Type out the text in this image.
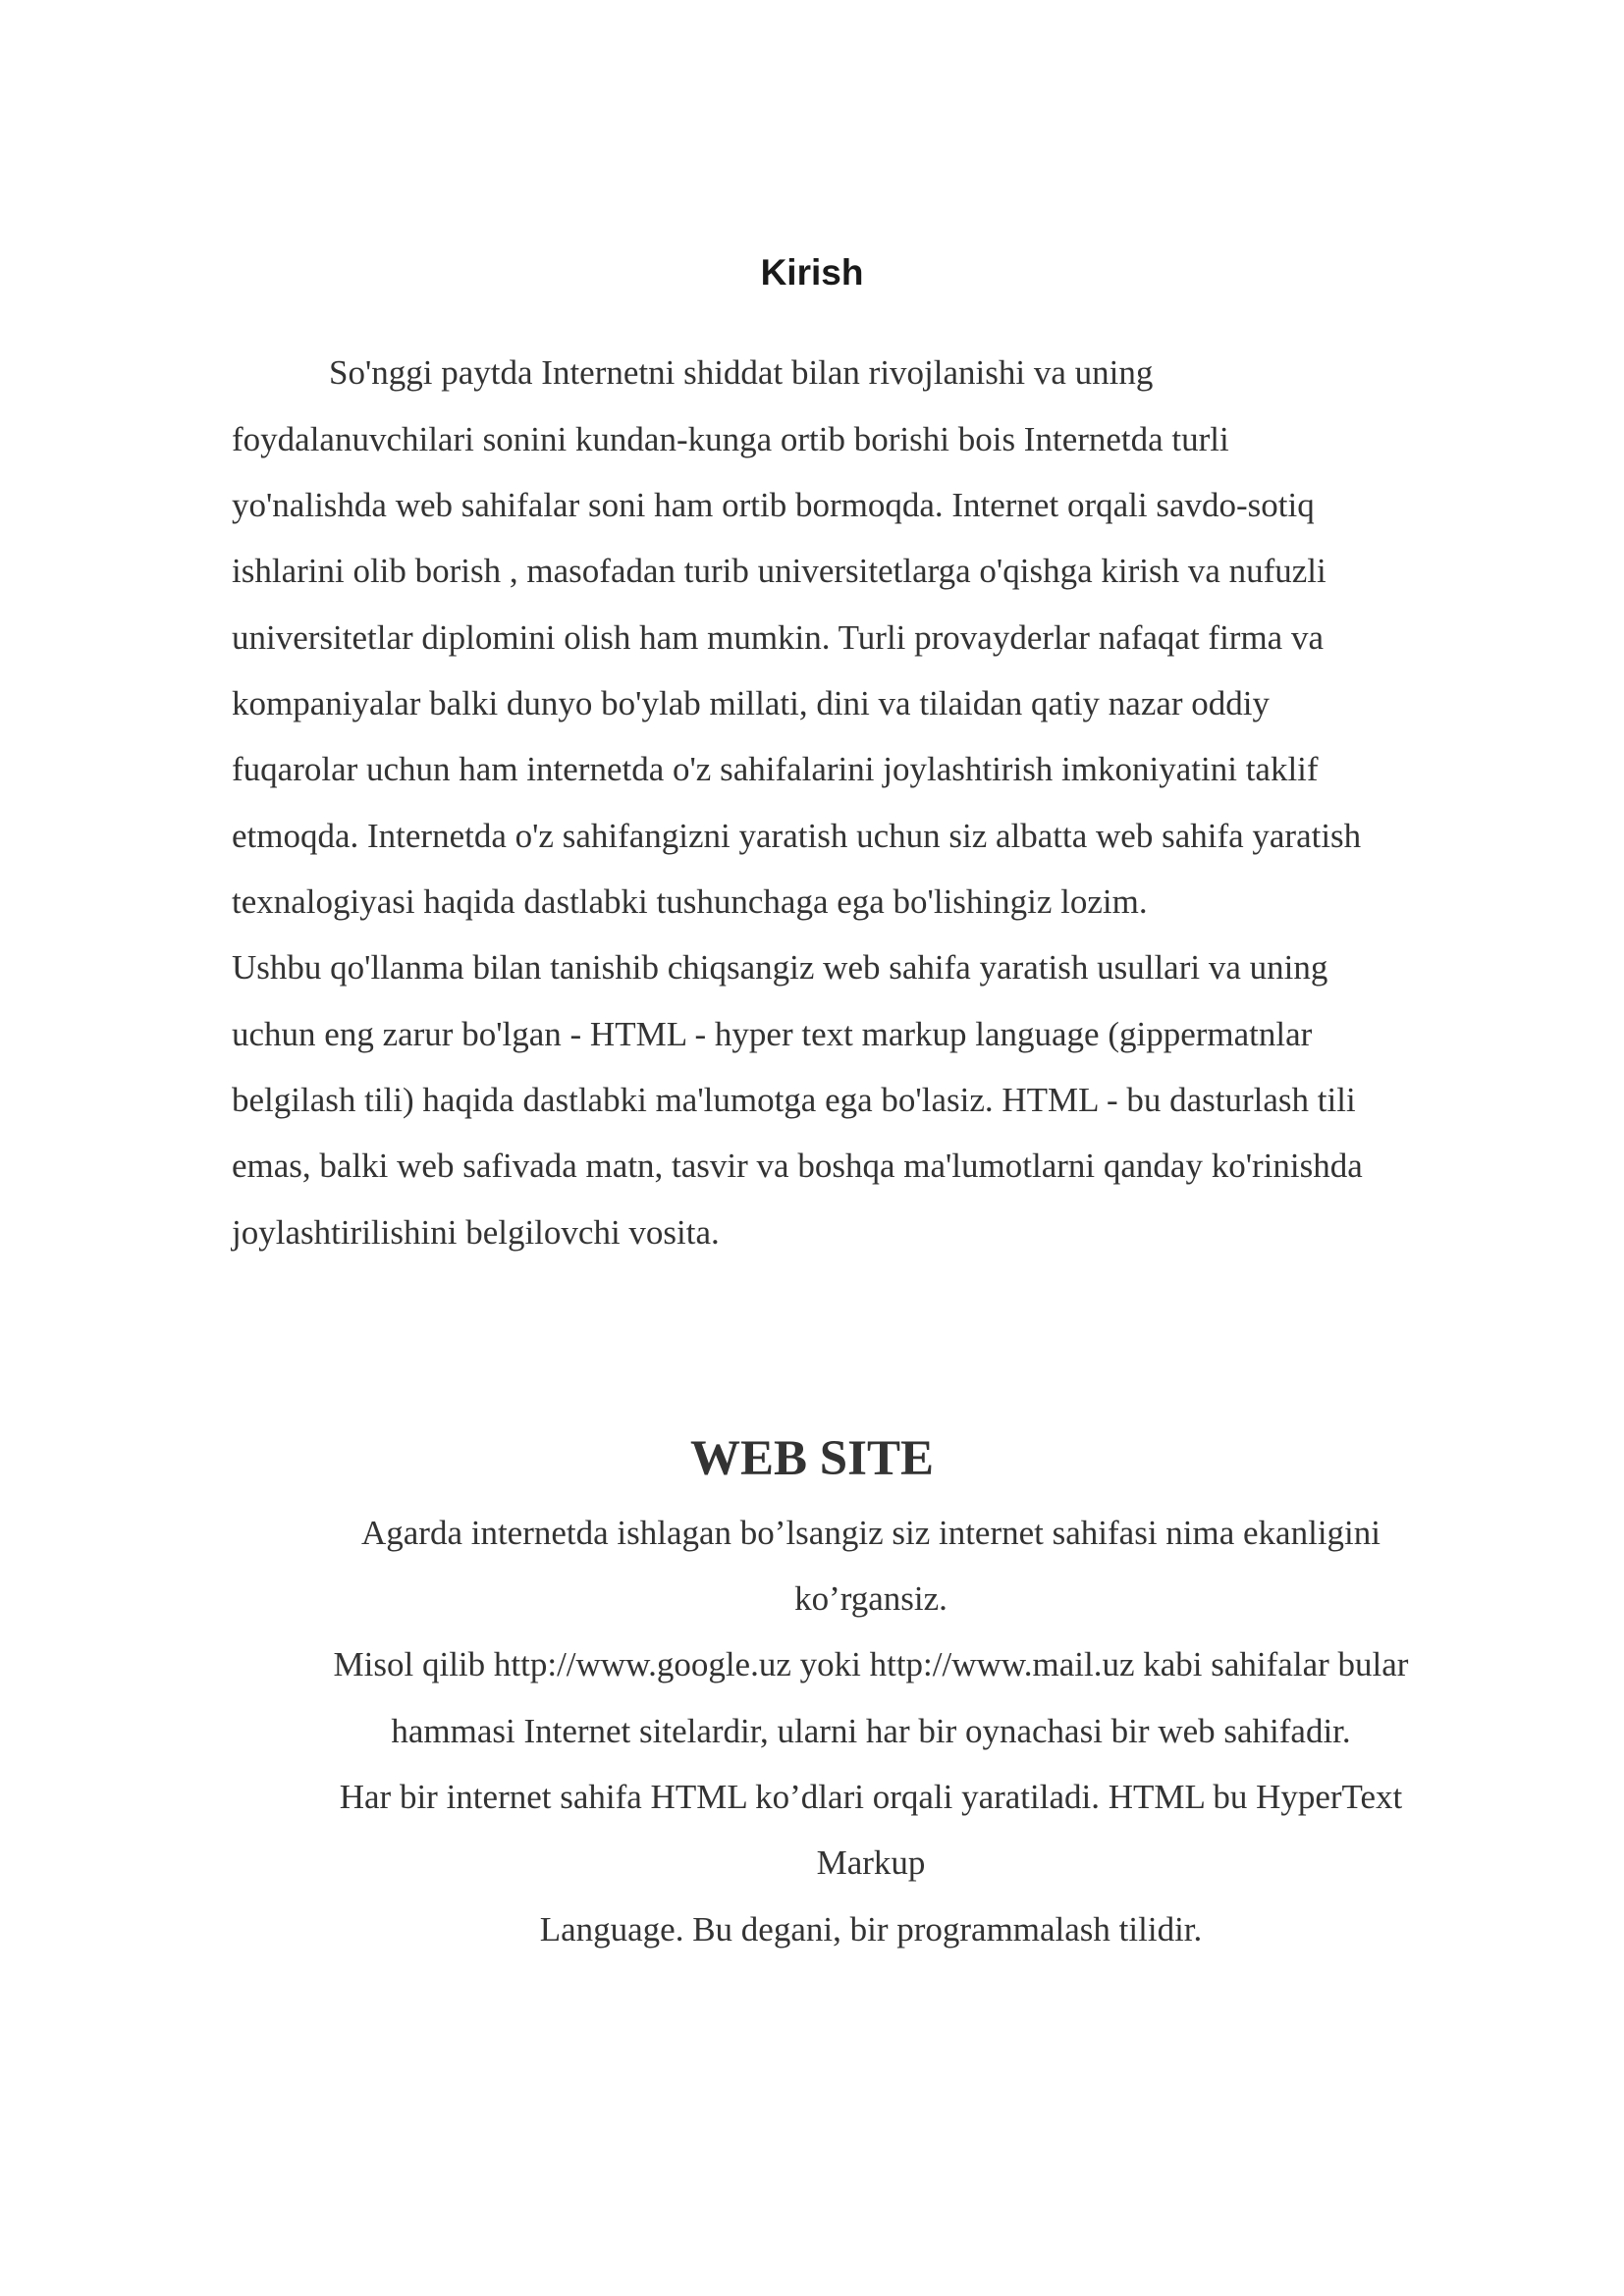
Kirish
So'nggi paytda Internetni shiddat bilan rivojlanishi va uning
foydalanuvchilari sonini kundan-kunga ortib borishi bois Internetda turli
yo'nalishda web sahifalar soni ham ortib bormoqda. Internet orqali savdo-sotiq
ishlarini olib borish , masofadan turib universitetlarga o'qishga kirish va nufuzli
universitetlar diplomini olish ham mumkin. Turli provayderlar nafaqat firma va
kompaniyalar balki dunyo bo'ylab millati, dini va tilaidan qatiy nazar oddiy
fuqarolar uchun ham internetda o'z sahifalarini joylashtirish imkoniyatini taklif
etmoqda. Internetda o'z sahifangizni yaratish uchun siz albatta web sahifa yaratish
texnalogiyasi haqida dastlabki tushunchaga ega bo'lishingiz lozim.
Ushbu qo'llanma bilan tanishib chiqsangiz web sahifa yaratish usullari va uning
uchun eng zarur bo'lgan - HTML - hyper text markup language (gippermatnlar
belgilash tili) haqida dastlabki ma'lumotga ega bo'lasiz. HTML - bu dasturlash tili
emas, balki web safivada matn, tasvir va boshqa ma'lumotlarni qanday ko'rinishda
joylashtirilishini belgilovchi vosita.
WEB SITE
Agarda internetda ishlagan bo’lsangiz siz internet sahifasi nima ekanligini
ko’rgansiz.
Misol qilib http://www.google.uz yoki http://www.mail.uz kabi sahifalar bular
hammasi Internet sitelardir, ularni har bir oynachasi bir web sahifadir.
Har bir internet sahifa HTML ko’dlari orqali yaratiladi. HTML bu HyperText
Markup
Language. Bu degani, bir programmalash tilidir.
